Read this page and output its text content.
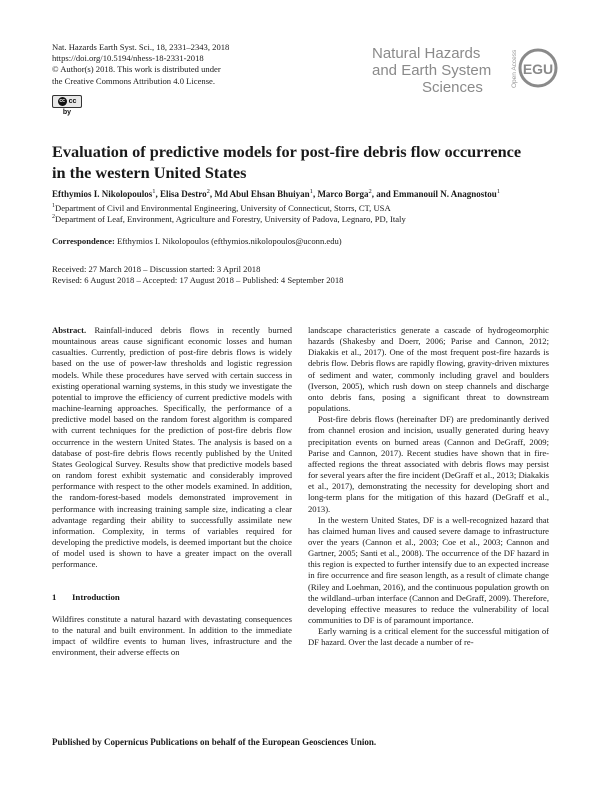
Nat. Hazards Earth Syst. Sci., 18, 2331–2343, 2018
https://doi.org/10.5194/nhess-18-2331-2018
© Author(s) 2018. This work is distributed under
the Creative Commons Attribution 4.0 License.
cc cc by
Natural Hazards
and Earth System
Sciences	Open Access EGU
Evaluation of predictive models for post-fire debris flow occurrence
in the western United States
Efthymios I. Nikolopoulos$^1$, Elisa Destro$^2$, Md Abul Ehsan Bhuiyan$^1$, Marco Borga$^2$, and Emmanouil N. Anagnostou$^1$
$^1$Department of Civil and Environmental Engineering, University of Connecticut, Storrs, CT, USA
$^2$Department of Leaf, Environment, Agriculture and Forestry, University of Padova, Legnaro, PD, Italy
Correspondence: Efthymios I. Nikolopoulos (efthymios.nikolopoulos@uconn.edu)
Received: 27 March 2018 – Discussion started: 3 April 2018
Revised: 6 August 2018 – Accepted: 17 August 2018 – Published: 4 September 2018

Abstract. Rainfall-induced debris flows in recently burned mountainous areas cause significant economic losses and human casualties. Currently, prediction of post-fire debris flows is widely based on the use of power-law thresholds and logistic regression models. While these procedures have served with certain success in existing operational warning systems, in this study we investigate the potential to improve the efficiency of current predictive models with machine-learning approaches. Specifically, the performance of a predictive model based on the random forest algorithm is compared with current techniques for the prediction of post-fire debris flow occurrence in the western United States. The analysis is based on a database of post-fire debris flows recently published by the United States Geological Survey. Results show that predictive models based on random forest exhibit systematic and considerably improved performance with respect to the other models examined. In addition, the random-forest-based models demonstrated improvement in performance with increasing training sample size, indicating a clear advantage regarding their ability to successfully assimilate new information. Complexity, in terms of variables required for developing the predictive models, is deemed important but the choice of model used is shown to have a greater impact on the overall performance.

1 Introduction

Wildfires constitute a natural hazard with devastating consequences to the natural and built environment. In addition to the immediate impact of wildfire events to human lives, infrastructure and the environment, their adverse effects on

landscape characteristics generate a cascade of hydrogeomorphic hazards (Shakesby and Doerr, 2006; Parise and Cannon, 2012; Diakakis et al., 2017). One of the most frequent post-fire hazards is debris flow. Debris flows are rapidly flowing, gravity-driven mixtures of sediment and water, commonly including gravel and boulders (Iverson, 2005), which rush down on steep channels and discharge onto debris fans, posing a significant threat to downstream populations.

Post-fire debris flows (hereinafter DF) are predominantly derived from channel erosion and incision, usually generated during heavy precipitation events on burned areas (Cannon and DeGraff, 2009; Parise and Cannon, 2017). Recent studies have shown that in fire-affected regions the threat associated with debris flows may persist for several years after the fire incident (DeGraff et al., 2013; Diakakis et al., 2017), demonstrating the necessity for developing short and long-term plans for the mitigation of this hazard (DeGraff et al., 2013).

In the western United States, DF is a well-recognized hazard that has claimed human lives and caused severe damage to infrastructure over the years (Cannon et al., 2003; Coe et al., 2003; Cannon and Gartner, 2005; Santi et al., 2008). The occurrence of the DF hazard in this region is expected to further intensify due to an expected increase in fire occurrence and fire season length, as a result of climate change (Riley and Loehman, 2016), and the continuous population growth on the wildland–urban interface (Cannon and DeGraff, 2009). Therefore, developing effective measures to reduce the vulnerability of local communities to DF is of paramount importance.

Early warning is a critical element for the successful mitigation of DF hazard. Over the last decade a number of re-

Published by Copernicus Publications on behalf of the European Geosciences Union.
